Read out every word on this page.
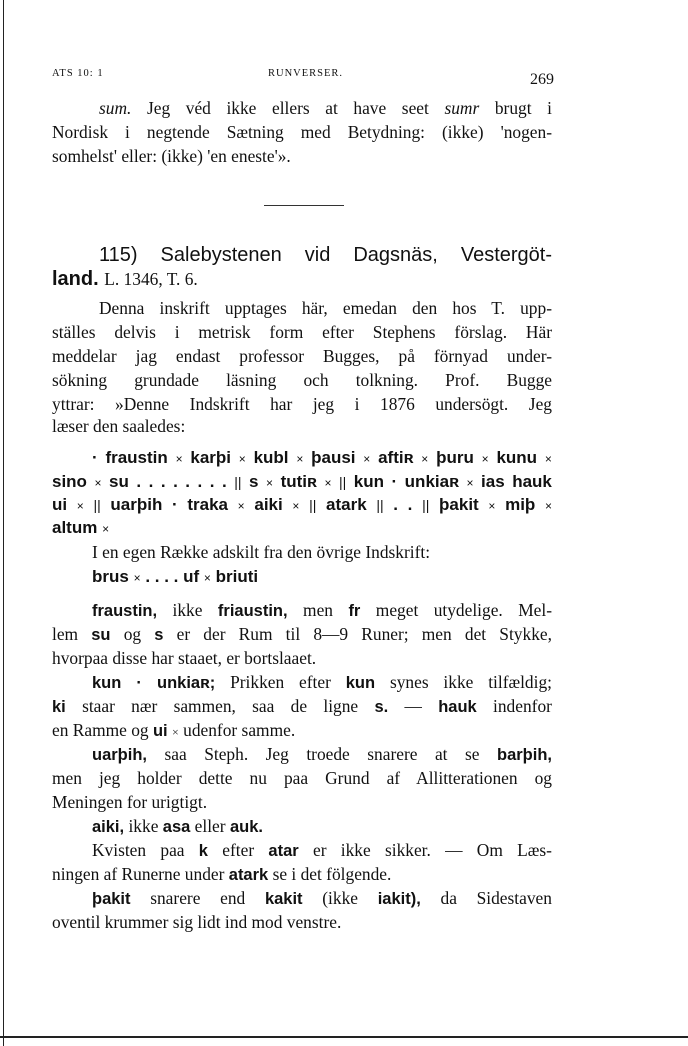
ATS 10: 1	RUNVERSER.	269
sum. Jeg véd ikke ellers at have seet sumr brugt i
Nordisk i negtende Sætning med Betydning: (ikke) 'nogen-
somhelst' eller: (ikke) 'en eneste'».
115) Salebystenen vid Dagsnäs, Vestergöt-
land. L. 1346, T. 6.
Denna inskrift upptages här, emedan den hos T. upp-
ställes delvis i metrisk form efter Stephens förslag. Här
meddelar jag endast professor Bugges, på förnyad under-
sökning grundade läsning och tolkning. Prof. Bugge
yttrar: »Denne Indskrift har jeg i 1876 undersögt. Jeg
læser den saaledes:
· fraustin × karþi × kubl × þausi × aftiʀ × þuru × kunu ×
sino × su . . . . . . . . || s × tutiʀ × || kun · unkiaʀ × ias hauk
ui × || uarþih · traka × aiki × || atark || . . || þakit × miþ ×
altum ×
I en egen Række adskilt fra den övrige Indskrift:
brus × . . . . uf × briuti
fraustin, ikke friaustin, men fr meget utydelige. Mel-
lem su og s er der Rum til 8—9 Runer; men det Stykke,
hvorpaa disse har staaet, er bortslaaet.
kun · unkiaʀ; Prikken efter kun synes ikke tilfældig;
ki staar nær sammen, saa de ligne s. — hauk indenfor
en Ramme og ui × udenfor samme.
uarþih, saa Steph. Jeg troede snarere at se barþih,
men jeg holder dette nu paa Grund af Allitterationen og
Meningen for urigtigt.
aiki, ikke asa eller auk.
Kvisten paa k efter atar er ikke sikker. — Om Læs-
ningen af Runerne under atark se i det fölgende.
þakit snarere end kakit (ikke iakit), da Sidestaven
oventil krummer sig lidt ind mod venstre.
